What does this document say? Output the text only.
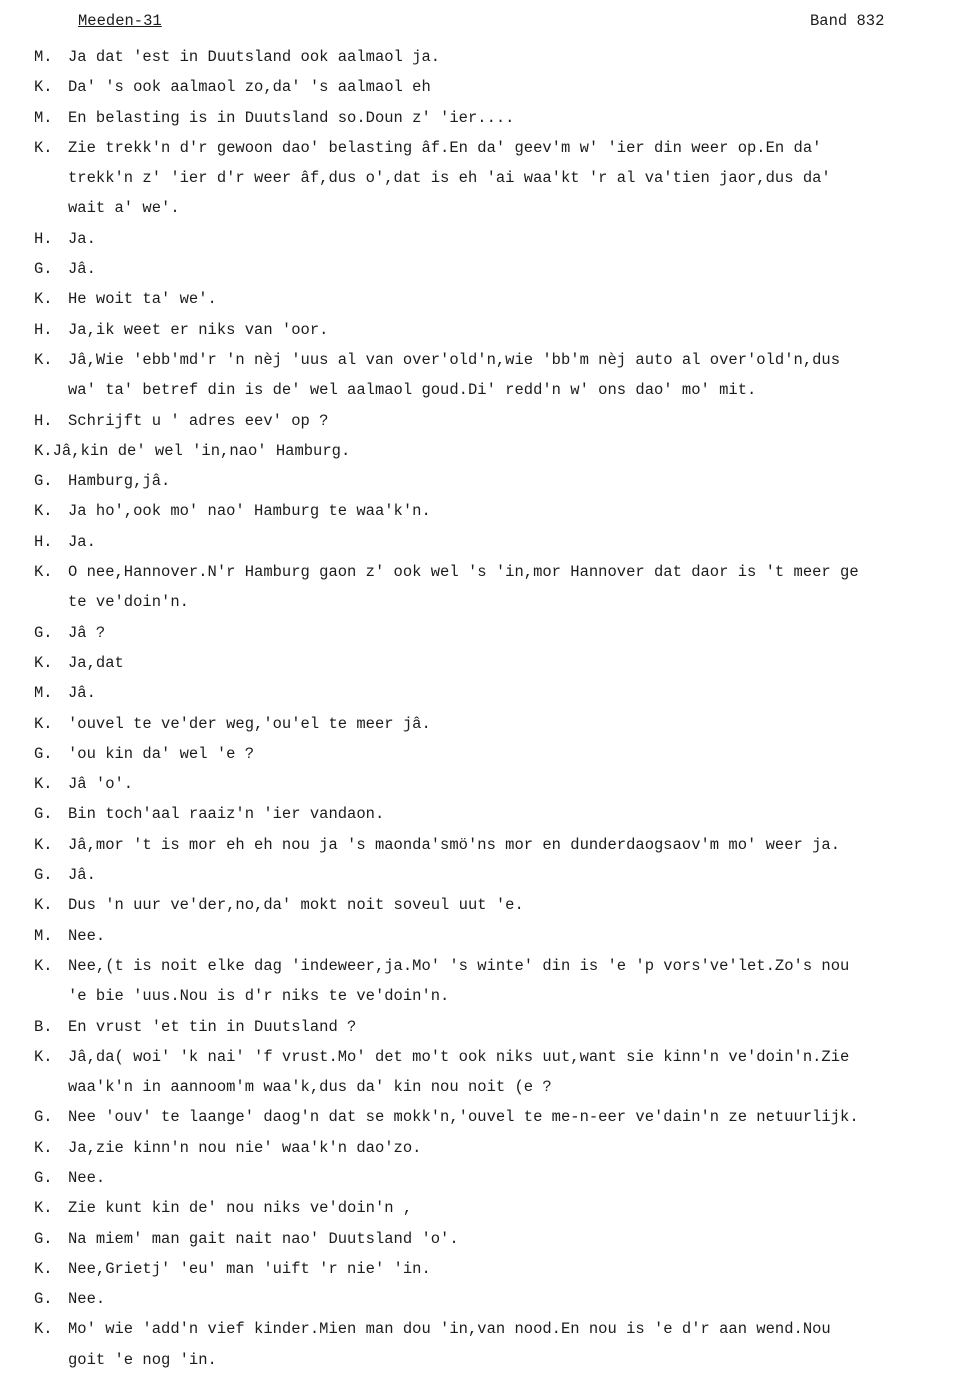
Meeden-31	Band 832
M. Ja dat 'est in Duutsland ook aalmaol ja.
K. Da' 's ook aalmaol zo,da' 's aalmaol eh
M. En belasting is in Duutsland so.Doun z' 'ier....
K. Zie trekk'n d'r gewoon dao' belasting âf.En da' geev'm w' 'ier din weer op.En da'
trekk'n z' 'ier d'r weer âf,dus o',dat is eh 'ai waa'kt 'r al va'tien jaor,dus da'
wait a' we'.
H. Ja.
G. Jâ.
K. He woit ta' we'.
H. Ja,ik weet er niks van 'oor.
K. Jâ,Wie 'ebb'md'r 'n nèj 'uus al van over'old'n,wie 'bb'm nèj auto al over'old'n,dus
wa' ta' betref din is de' wel aalmaol goud.Di' redd'n w' ons dao' mo' mit.
H. Schrijft u ' adres eev' op ?
K. Jâ,kin de' wel 'in,nao' Hamburg.
G. Hamburg,jâ.
K. Ja ho',ook mo' nao' Hamburg te waa'k'n.
H. Ja.
K. O nee,Hannover.N'r Hamburg gaon z' ook wel 's 'in,mor Hannover dat daor is 't meer ge
te ve'doin'n.
G. Jâ ?
K. Ja,dat
M. Jâ.
K. 'ouvel te ve'der weg,'ou'el te meer jâ.
G. 'ou kin da' wel 'e ?
K. Jâ 'o'.
G. Bin toch'aal raaiz'n 'ier vandaon.
K. Jâ,mor 't is mor eh eh nou ja 's maonda'smö'ns mor en dunderdaogsaov'm mo' weer ja.
G. Jâ.
K. Dus 'n uur ve'der,no,da' mokt noit soveul uut 'e.
M. Nee.
K. Nee,(t is noit elke dag 'indeweer,ja.Mo' 's winte' din is 'e 'p vors've'let.Zo's nou
'e bie 'uus.Nou is d'r niks te ve'doin'n.
B. En vrust 'et tin in Duutsland ?
K. Jâ,da( woi' 'k nai' 'f vrust.Mo' det mo't ook niks uut,want sie kinn'n ve'doin'n.Zie
waa'k'n in aannoom'm waa'k,dus da' kin nou noit (e ?
G. Nee 'ouv' te laange' daog'n dat se mokk'n,'ouvel te me-n-eer ve'dain'n ze netuurlijk.
K. Ja,zie kinn'n nou nie' waa'k'n dao'zo.
G. Nee.
K. Zie kunt kin de' nou niks ve'doin'n ,
G. Na miem' man gait nait nao' Duutsland 'o'.
K. Nee,Grietj' 'eu' man 'uift 'r nie' 'in.
G. Nee.
K. Mo' wie 'add'n vief kinder.Mien man dou 'in,van nood.En nou is 'e d'r aan wend.Nou
goit 'e nog 'in.
